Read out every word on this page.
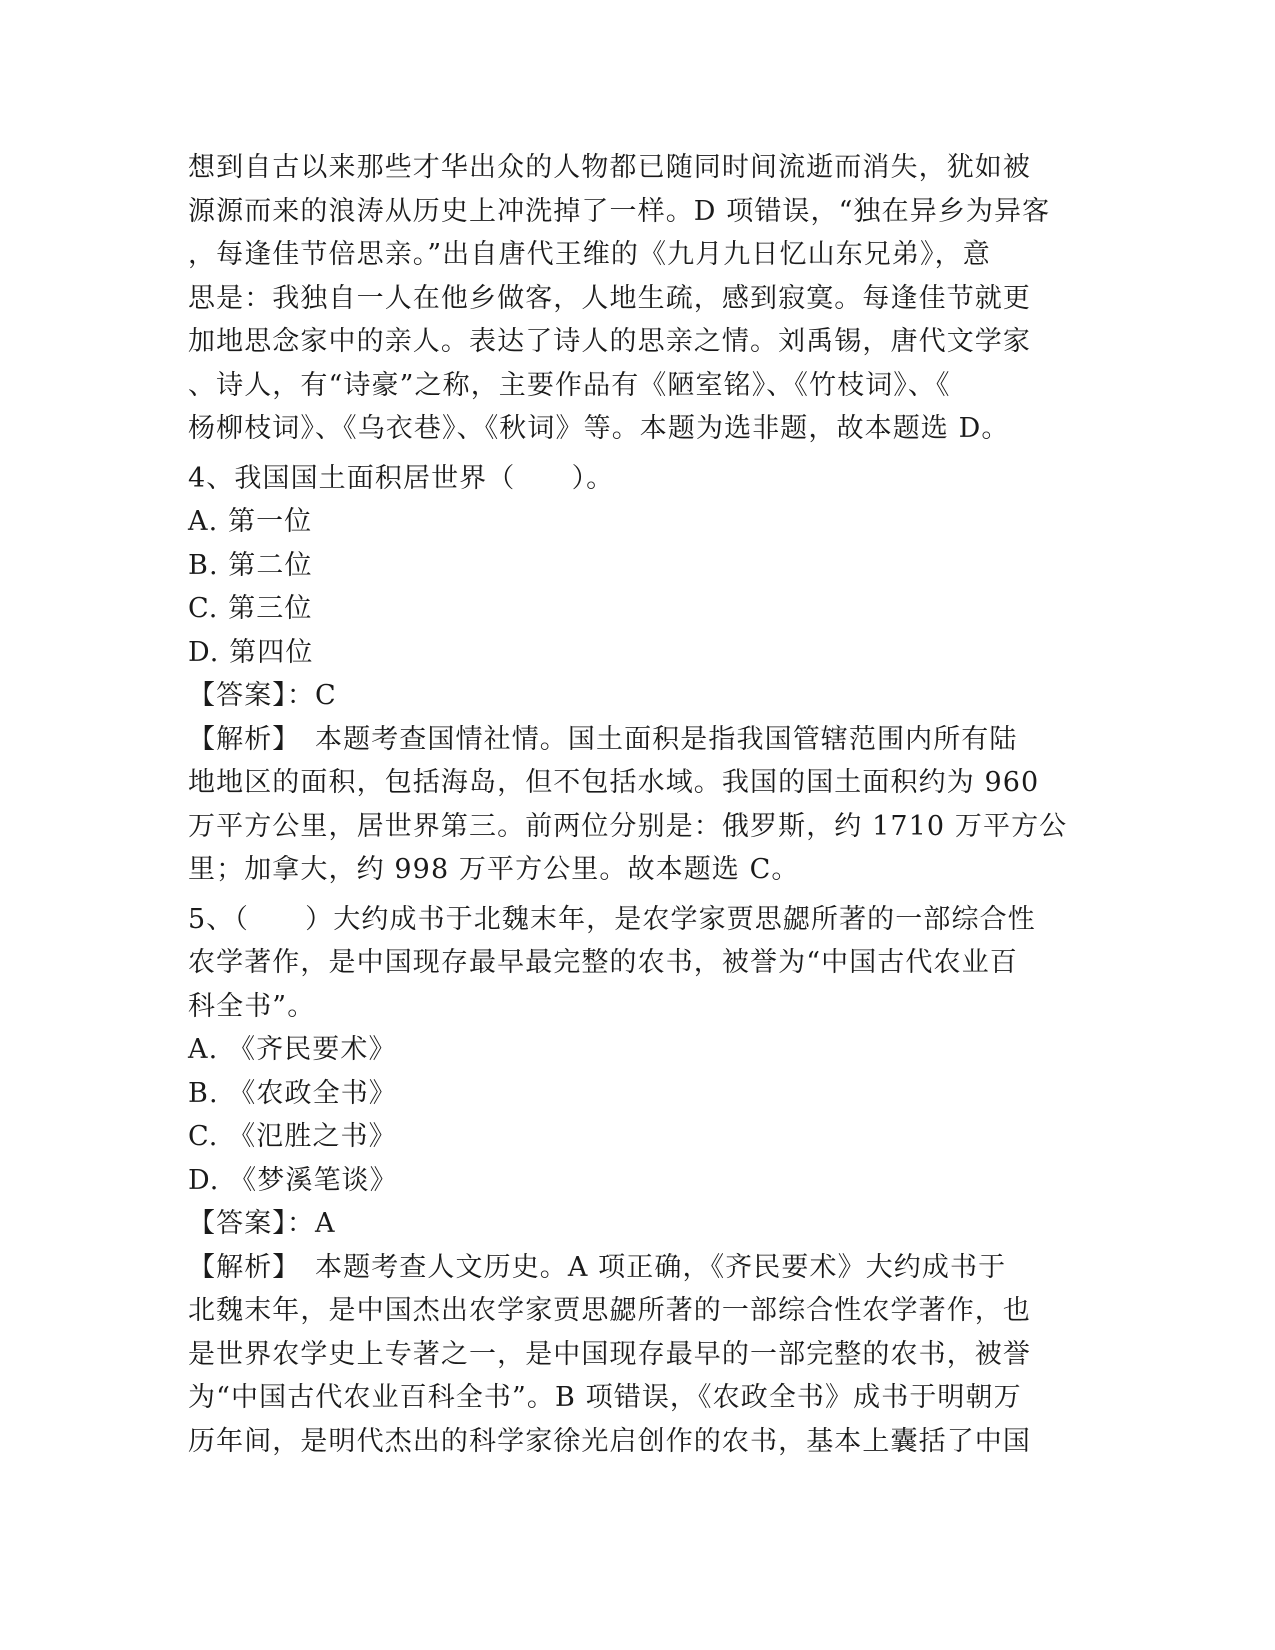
想到自古以来那些才华出众的人物都已随同时间流逝而消失，犹如被
源源而来的浪涛从历史上冲洗掉了一样。D 项错误，“独在异乡为异客
，每逢佳节倍思亲。”出自唐代王维的《九月九日忆山东兄弟》，意
思是：我独自一人在他乡做客，人地生疏，感到寂寞。每逢佳节就更
加地思念家中的亲人。表达了诗人的思亲之情。刘禹锡，唐代文学家
、诗人，有“诗豪”之称，主要作品有《陋室铭》、《竹枝词》、《
杨柳枝词》、《乌衣巷》、《秋词》等。本题为选非题，故本题选 D。
4、我国国土面积居世界（　　）。
A. 第一位
B. 第二位
C. 第三位
D. 第四位
【答案】：C
【解析】　本题考查国情社情。国土面积是指我国管辖范围内所有陆
地地区的面积，包括海岛，但不包括水域。我国的国土面积约为 960
万平方公里，居世界第三。前两位分别是：俄罗斯，约 1710 万平方公
里；加拿大，约 998 万平方公里。故本题选 C。
5、（　　）大约成书于北魏末年，是农学家贾思勰所著的一部综合性
农学著作，是中国现存最早最完整的农书，被誉为“中国古代农业百
科全书”。
A. 《齐民要术》
B. 《农政全书》
C. 《氾胜之书》
D. 《梦溪笔谈》
【答案】：A
【解析】　本题考查人文历史。A 项正确，《齐民要术》大约成书于
北魏末年，是中国杰出农学家贾思勰所著的一部综合性农学著作，也
是世界农学史上专著之一，是中国现存最早的一部完整的农书，被誉
为“中国古代农业百科全书”。B 项错误，《农政全书》成书于明朝万
历年间，是明代杰出的科学家徐光启创作的农书，基本上囊括了中国
